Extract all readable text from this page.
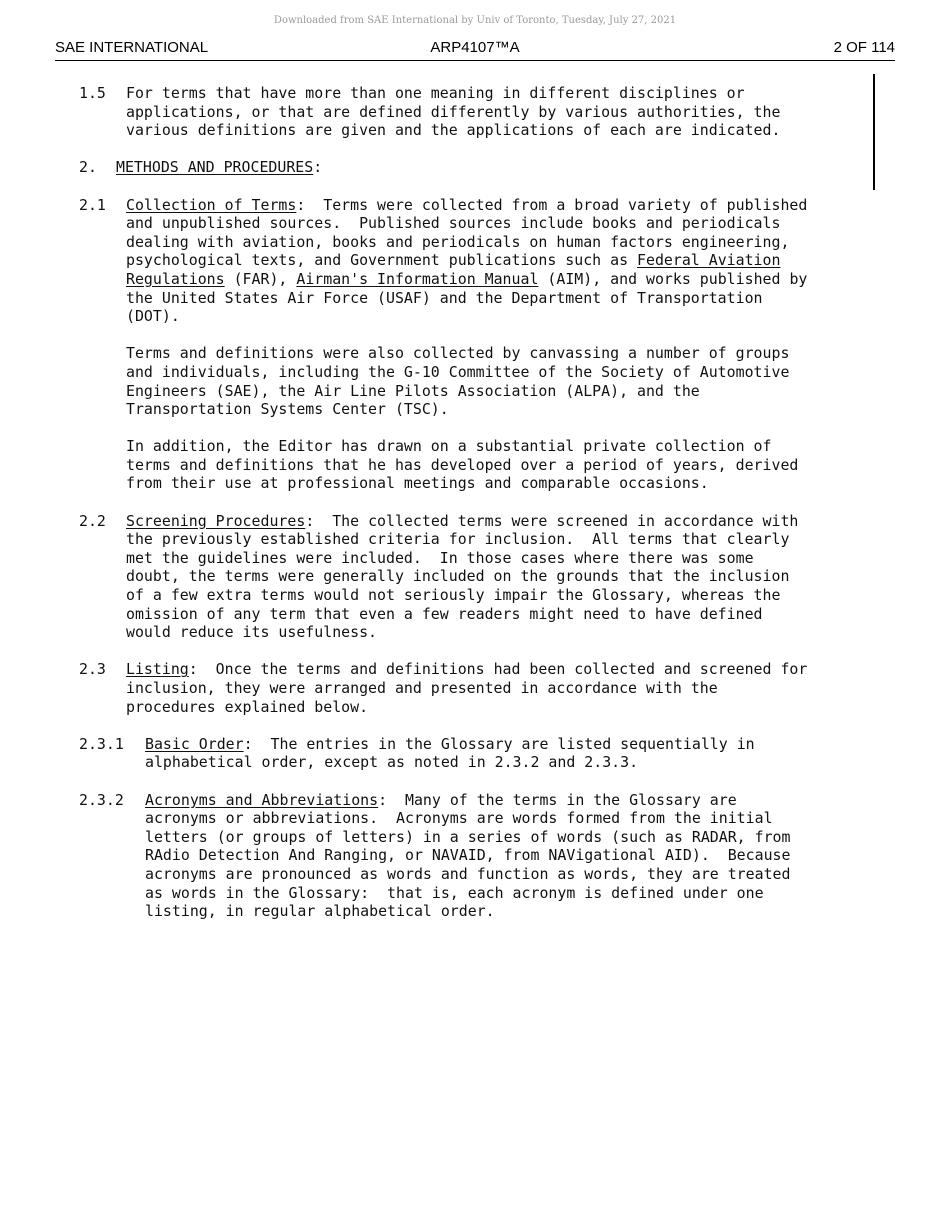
Downloaded from SAE International by Univ of Toronto, Tuesday, July 27, 2021
SAE INTERNATIONAL	ARP4107™A	2 OF 114
1.5 For terms that have more than one meaning in different disciplines or
applications, or that are defined differently by various authorities, the
various definitions are given and the applications of each are indicated.
2. METHODS AND PROCEDURES:
2.1 Collection of Terms:  Terms were collected from a broad variety of published
and unpublished sources.  Published sources include books and periodicals
dealing with aviation, books and periodicals on human factors engineering,
psychological texts, and Government publications such as Federal Aviation
Regulations (FAR), Airman's Information Manual (AIM), and works published by
the United States Air Force (USAF) and the Department of Transportation
(DOT).
Terms and definitions were also collected by canvassing a number of groups
and individuals, including the G-10 Committee of the Society of Automotive
Engineers (SAE), the Air Line Pilots Association (ALPA), and the
Transportation Systems Center (TSC).
In addition, the Editor has drawn on a substantial private collection of
terms and definitions that he has developed over a period of years, derived
from their use at professional meetings and comparable occasions.
2.2 Screening Procedures:  The collected terms were screened in accordance with
the previously established criteria for inclusion.  All terms that clearly
met the guidelines were included.  In those cases where there was some
doubt, the terms were generally included on the grounds that the inclusion
of a few extra terms would not seriously impair the Glossary, whereas the
omission of any term that even a few readers might need to have defined
would reduce its usefulness.
2.3 Listing:  Once the terms and definitions had been collected and screened for
inclusion, they were arranged and presented in accordance with the
procedures explained below.
2.3.1 Basic Order:  The entries in the Glossary are listed sequentially in
alphabetical order, except as noted in 2.3.2 and 2.3.3.
2.3.2 Acronyms and Abbreviations:  Many of the terms in the Glossary are
acronyms or abbreviations.  Acronyms are words formed from the initial
letters (or groups of letters) in a series of words (such as RADAR, from
RAdio Detection And Ranging, or NAVAID, from NAVigational AID).  Because
acronyms are pronounced as words and function as words, they are treated
as words in the Glossary:  that is, each acronym is defined under one
listing, in regular alphabetical order.
